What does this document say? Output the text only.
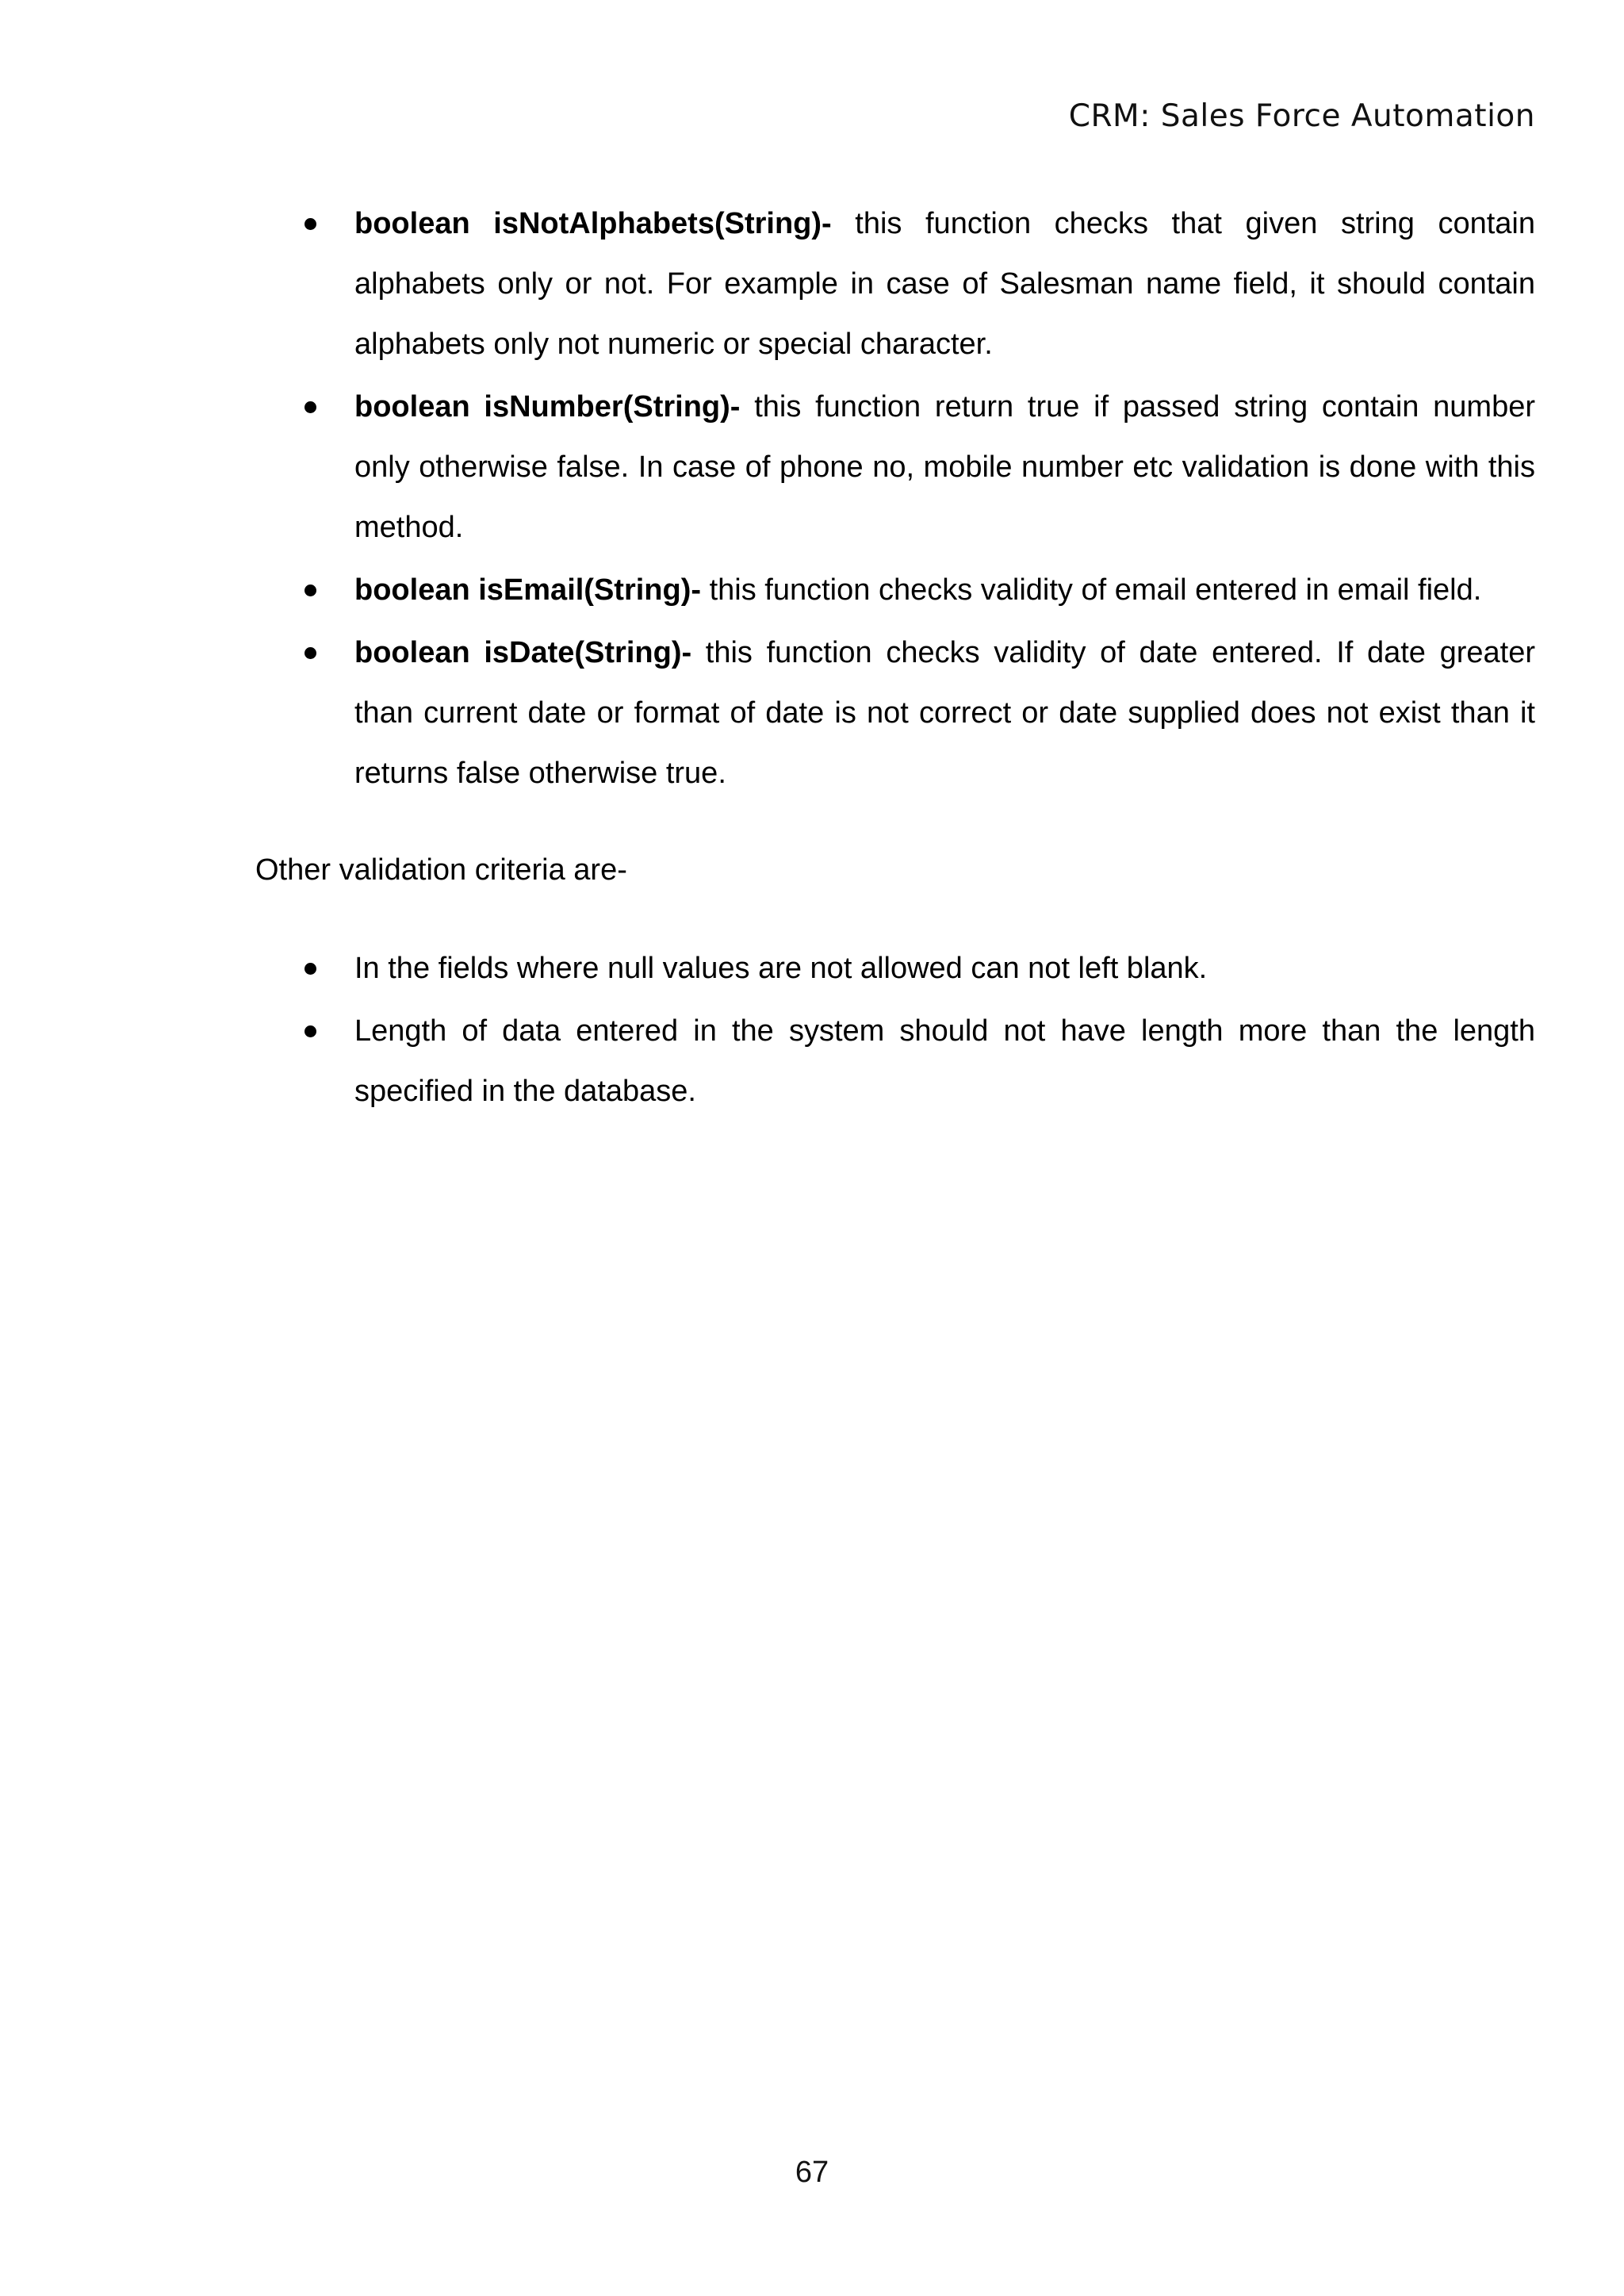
CRM: Sales Force Automation
boolean isNotAlphabets(String)- this function checks that given string contain alphabets only or not. For example in case of Salesman name field, it should contain alphabets only not numeric or special character.
boolean isNumber(String)- this function return true if passed string contain number only otherwise false. In case of phone no, mobile number etc validation is done with this method.
boolean isEmail(String)- this function checks validity of email entered in email field.
boolean isDate(String)- this function checks validity of date entered. If date greater than current date or format of date is not correct or date supplied does not exist than it returns false otherwise true.

Other validation criteria are-

In the fields where null values are not allowed can not left blank.
Length of data entered in the system should not have length more than the length specified in the database.
67
